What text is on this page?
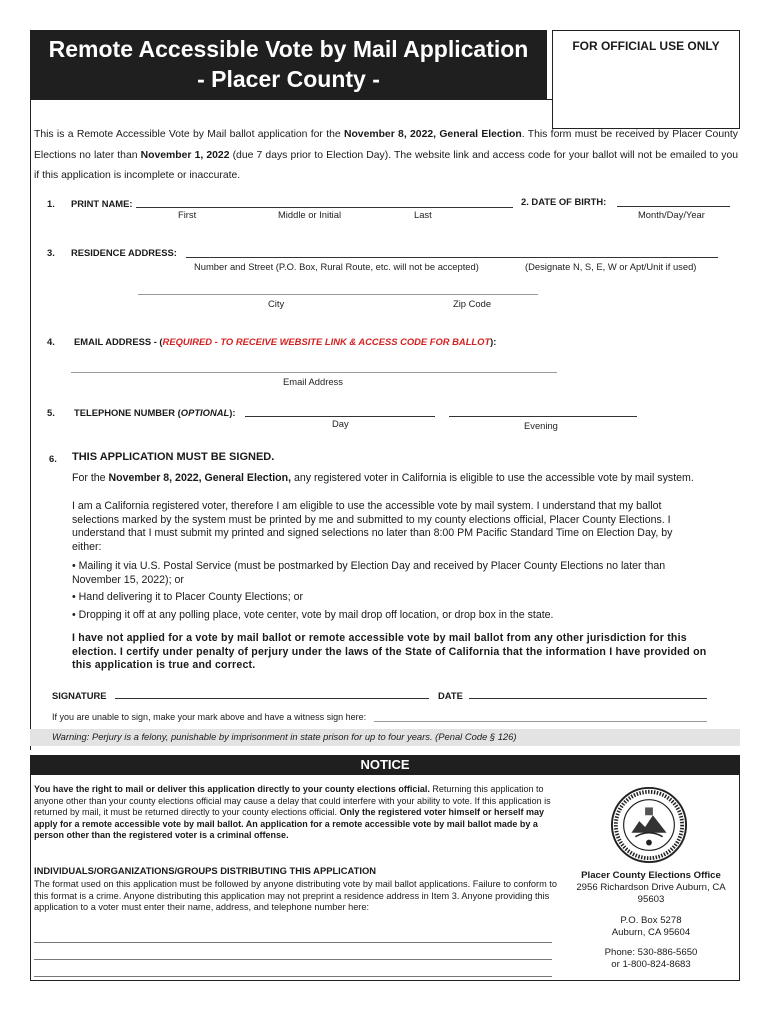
Remote Accessible Vote by Mail Application
- Placer County -
FOR OFFICIAL USE ONLY
This is a Remote Accessible Vote by Mail ballot application for the November 8, 2022, General Election. This form must be received by Placer County Elections no later than November 1, 2022 (due 7 days prior to Election Day). The website link and access code for your ballot will not be emailed to you if this application is incomplete or inaccurate.
1. PRINT NAME:
First	Middle or Initial	Last
2. DATE OF BIRTH:
Month/Day/Year
3. RESIDENCE ADDRESS:
Number and Street (P.O. Box, Rural Route, etc. will not be accepted)	(Designate N, S, E, W or Apt/Unit if used)
City	Zip Code
4. EMAIL ADDRESS - (REQUIRED - TO RECEIVE WEBSITE LINK & ACCESS CODE FOR BALLOT):
Email Address
5. TELEPHONE NUMBER (OPTIONAL):
Day	Evening
6. THIS APPLICATION MUST BE SIGNED.
For the November 8, 2022, General Election, any registered voter in California is eligible to use the accessible vote by mail system.
I am a California registered voter, therefore I am eligible to use the accessible vote by mail system. I understand that my ballot selections marked by the system must be printed by me and submitted to my county elections official, Placer County Elections. I understand that I must submit my printed and signed selections no later than 8:00 PM Pacific Standard Time on Election Day, by either:
• Mailing it via U.S. Postal Service (must be postmarked by Election Day and received by Placer County Elections no later than November 15, 2022); or
• Hand delivering it to Placer County Elections; or
• Dropping it off at any polling place, vote center, vote by mail drop off location, or drop box in the state.
I have not applied for a vote by mail ballot or remote accessible vote by mail ballot from any other jurisdiction for this election. I certify under penalty of perjury under the laws of the State of California that the information I have provided on this application is true and correct.
SIGNATURE	DATE
If you are unable to sign, make your mark above and have a witness sign here:
Warning: Perjury is a felony, punishable by imprisonment in state prison for up to four years. (Penal Code § 126)
NOTICE
You have the right to mail or deliver this application directly to your county elections official. Returning this application to anyone other than your county elections official may cause a delay that could interfere with your ability to vote. If this application is returned by mail, it must be returned directly to your county elections official. Only the registered voter himself or herself may apply for a remote accessible vote by mail ballot. An application for a remote accessible vote by mail ballot made by a person other than the registered voter is a criminal offense.
INDIVIDUALS/ORGANIZATIONS/GROUPS DISTRIBUTING THIS APPLICATION
The format used on this application must be followed by anyone distributing vote by mail ballot applications. Failure to conform to this format is a crime. Anyone distributing this application may not preprint a residence address in Item 3. Anyone providing this application to a voter must enter their name, address, and telephone number here:
Placer County Elections Office
2956 Richardson Drive Auburn, CA 95603
P.O. Box 5278
Auburn, CA 95604
Phone: 530-886-5650
or 1-800-824-8683
